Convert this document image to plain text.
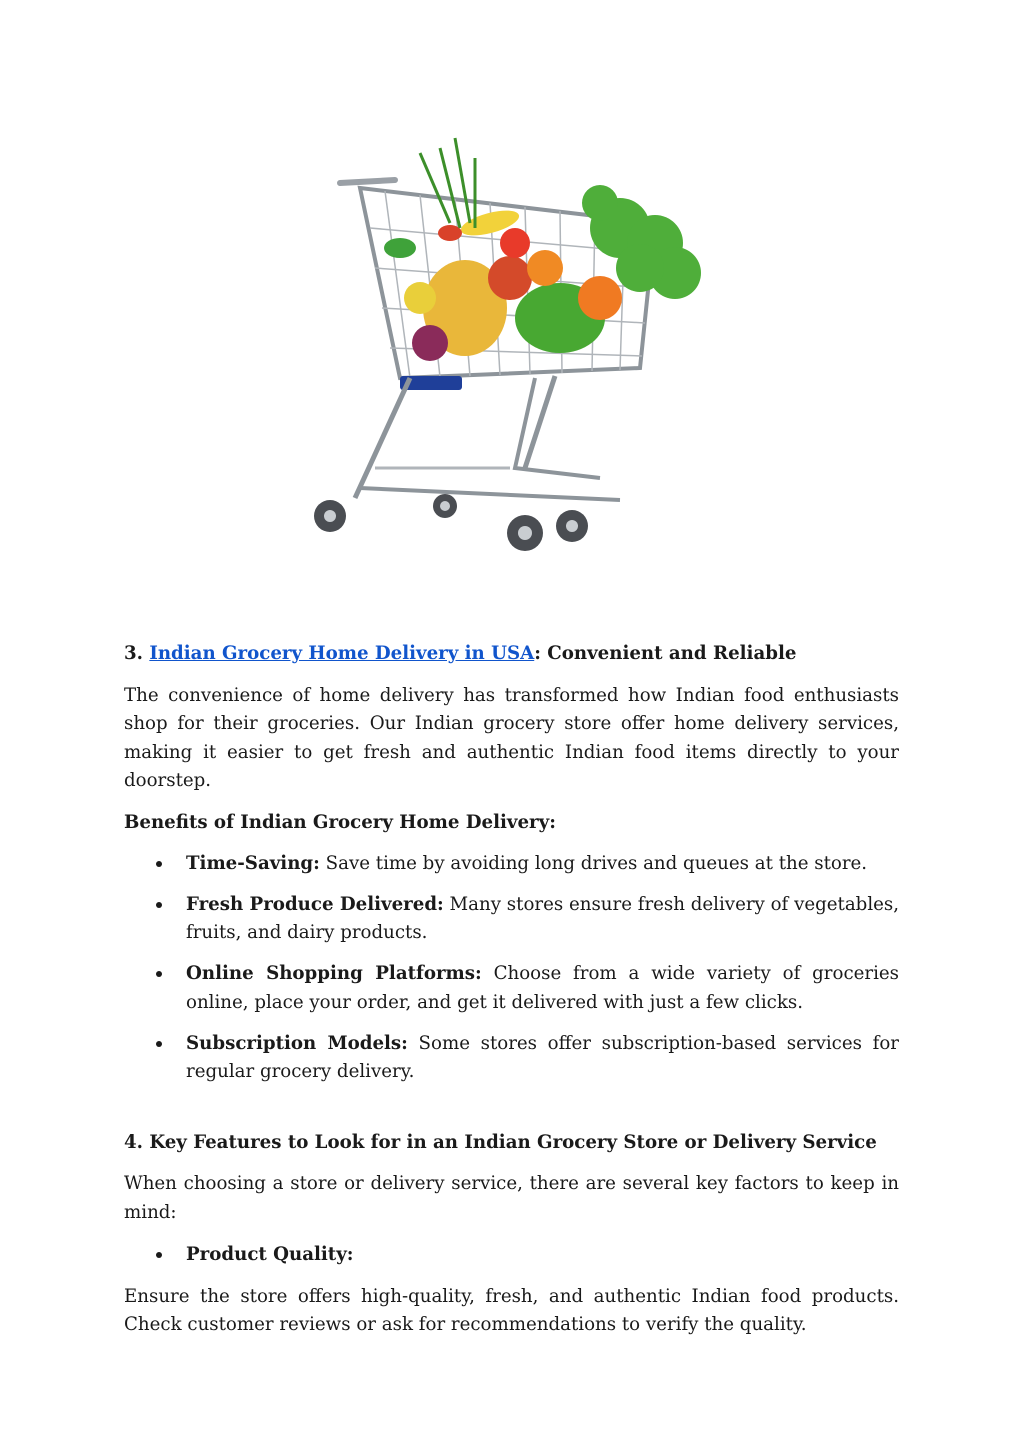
3. Indian Grocery Home Delivery in USA: Convenient and Reliable

The convenience of home delivery has transformed how Indian food enthusiasts shop for their groceries. Our Indian grocery store offer home delivery services, making it easier to get fresh and authentic Indian food items directly to your doorstep.

Benefits of Indian Grocery Home Delivery:

Time-Saving: Save time by avoiding long drives and queues at the store.
Fresh Produce Delivered: Many stores ensure fresh delivery of vegetables, fruits, and dairy products.
Online Shopping Platforms: Choose from a wide variety of groceries online, place your order, and get it delivered with just a few clicks.
Subscription Models: Some stores offer subscription-based services for regular grocery delivery.

4. Key Features to Look for in an Indian Grocery Store or Delivery Service

When choosing a store or delivery service, there are several key factors to keep in mind:

Product Quality:

Ensure the store offers high-quality, fresh, and authentic Indian food products. Check customer reviews or ask for recommendations to verify the quality.
